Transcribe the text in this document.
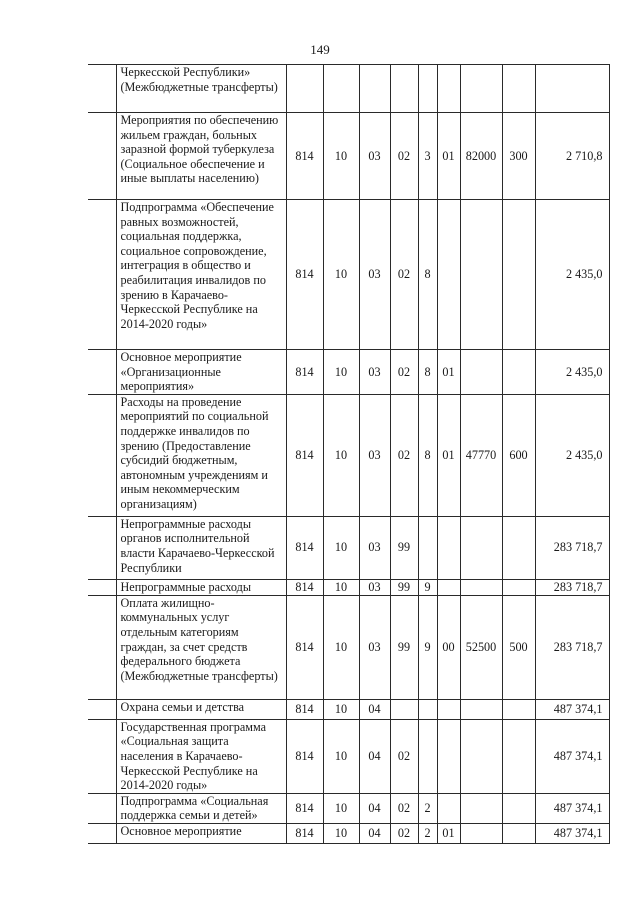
149
	Черкесской Республики» (Межбюджетные трансферты)									
	Мероприятия по обеспечению жильем граждан, больных заразной формой туберкулеза (Социальное обеспечение и иные выплаты населению)	814	10	03	02	3	01	82000	300	2 710,8
	Подпрограмма «Обеспечение равных возможностей, социальная поддержка, социальное сопровождение, интеграция в общество и реабилитация инвалидов по зрению в Карачаево-Черкесской Республике на 2014-2020 годы»	814	10	03	02	8				2 435,0
	Основное мероприятие «Организационные мероприятия»	814	10	03	02	8	01			2 435,0
	Расходы на проведение мероприятий по социальной поддержке инвалидов по зрению (Предоставление субсидий бюджетным, автономным учреждениям и иным некоммерческим организациям)	814	10	03	02	8	01	47770	600	2 435,0
	Непрограммные расходы органов исполнительной власти Карачаево-Черкесской Республики	814	10	03	99					283 718,7
	Непрограммные расходы	814	10	03	99	9				283 718,7
	Оплата жилищно-коммунальных услуг отдельным категориям граждан, за счет средств федерального бюджета (Межбюджетные трансферты)	814	10	03	99	9	00	52500	500	283 718,7
	Охрана семьи и детства	814	10	04						487 374,1
	Государственная программа «Социальная защита населения в Карачаево-Черкесской Республике на 2014-2020 годы»	814	10	04	02					487 374,1
	Подпрограмма «Социальная поддержка семьи и детей»	814	10	04	02	2				487 374,1
	Основное мероприятие	814	10	04	02	2	01			487 374,1
